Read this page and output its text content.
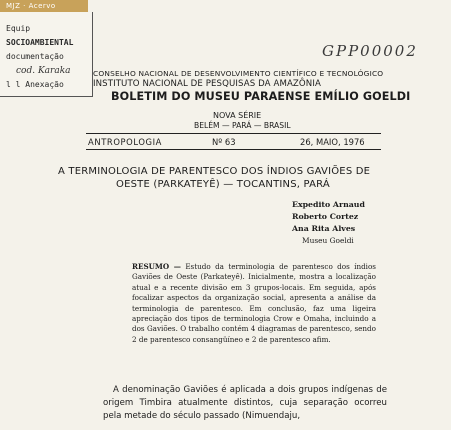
MJZ · Acervo
Equip
SOCIOAMBIENTAL
documentação
cod. Karaka
l l Anexação
GPP00002
CONSELHO NACIONAL DE DESENVOLVIMENTO CIENTÍFICO E TECNOLÓGICO
INSTITUTO NACIONAL DE PESQUISAS DA AMAZÔNIA
BOLETIM DO MUSEU PARAENSE EMÍLIO GOELDI
NOVA SÉRIE
BELÉM — PARÁ — BRASIL
ANTROPOLOGIA	Nº 63	26, MAIO, 1976
A TERMINOLOGIA DE PARENTESCO DOS ÍNDIOS GAVIÕES DE
OESTE (PARKATEYÊ) — TOCANTINS, PARÁ
Expedito Arnaud
Roberto Cortez
Ana Rita Alves
Museu Goeldi
RESUMO — Estudo da terminologia de parentesco dos índios Gaviões de Oeste (Parkateyê). Inicialmente, mostra a localização atual e a recente divisão em 3 grupos-locais. Em seguida, após focalizar aspectos da organização social, apresenta a análise da terminologia de parentesco. Em conclusão, faz uma ligeira apreciação dos tipos de terminologia Crow e Omaha, incluindo a dos Gaviões. O trabalho contém 4 diagramas de parentesco, sendo 2 de parentesco consangüíneo e 2 de parentesco afim.
A denominação Gaviões é aplicada a dois grupos indígenas de origem Timbira atualmente distintos, cuja separação ocorreu pela metade do século passado (Nimuendaju,
